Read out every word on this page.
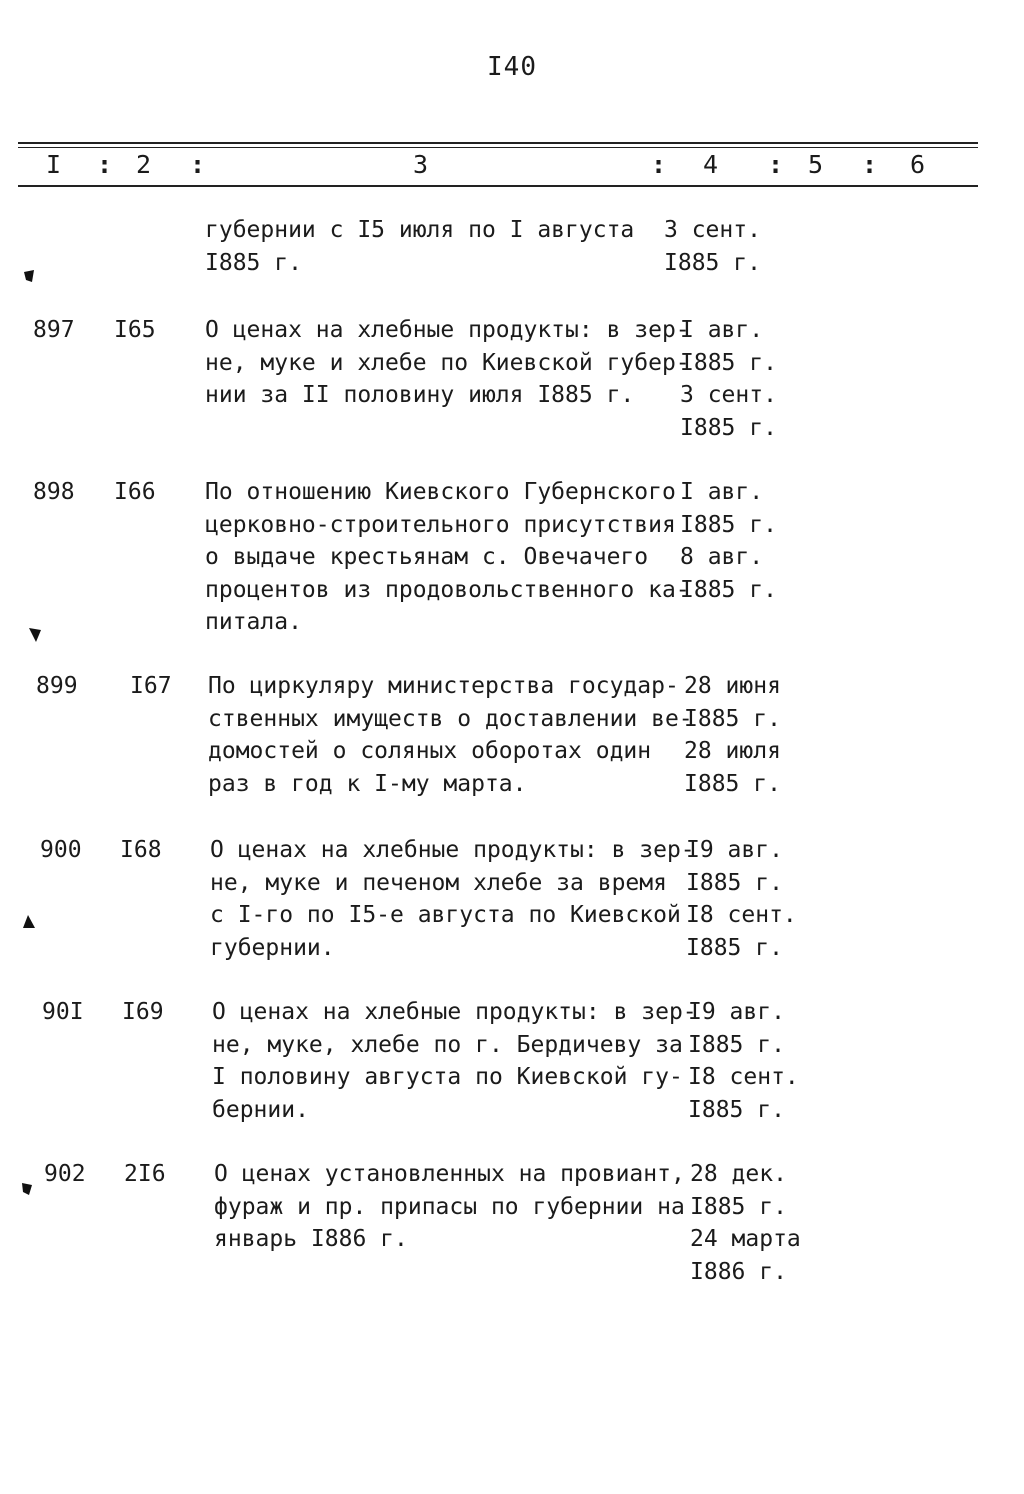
I40
I : 2 :	3	: 4 : 5 : 6
губернии с I5 июля по I августа
I885 г.
3 сент.
I885 г.
897 I65 О ценах на хлебные продукты: в зер-
не, муке и хлебе по Киевской губер-
нии за II половину июля I885 г.
I авг.
I885 г.
3 сент.
I885 г.
898 I66 По отношению Киевского Губернского
церковно-строительного присутствия
о выдаче крестьянам с. Овечачего
процентов из продовольственного ка-
питала.
I авг.
I885 г.
8 авг.
I885 г.
899 I67 По циркуляру министерства государ-
ственных имуществ о доставлении ве-
домостей о соляных оборотах один
раз в год к I-му марта.
28 июня
I885 г.
28 июля
I885 г.
900 I68 О ценах на хлебные продукты: в зер-
не, муке и печеном хлебе за время
с I-го по I5-е августа по Киевской
губернии.
I9 авг.
I885 г.
I8 сент.
I885 г.
90I I69 О ценах на хлебные продукты: в зер-
не, муке, хлебе по г. Бердичеву за
I половину августа по Киевской гу-
бернии.
I9 авг.
I885 г.
I8 сент.
I885 г.
902 2I6 О ценах установленных на провиант,
фураж и пр. припасы по губернии на
январь I886 г.
28 дек.
I885 г.
24 марта
I886 г.
